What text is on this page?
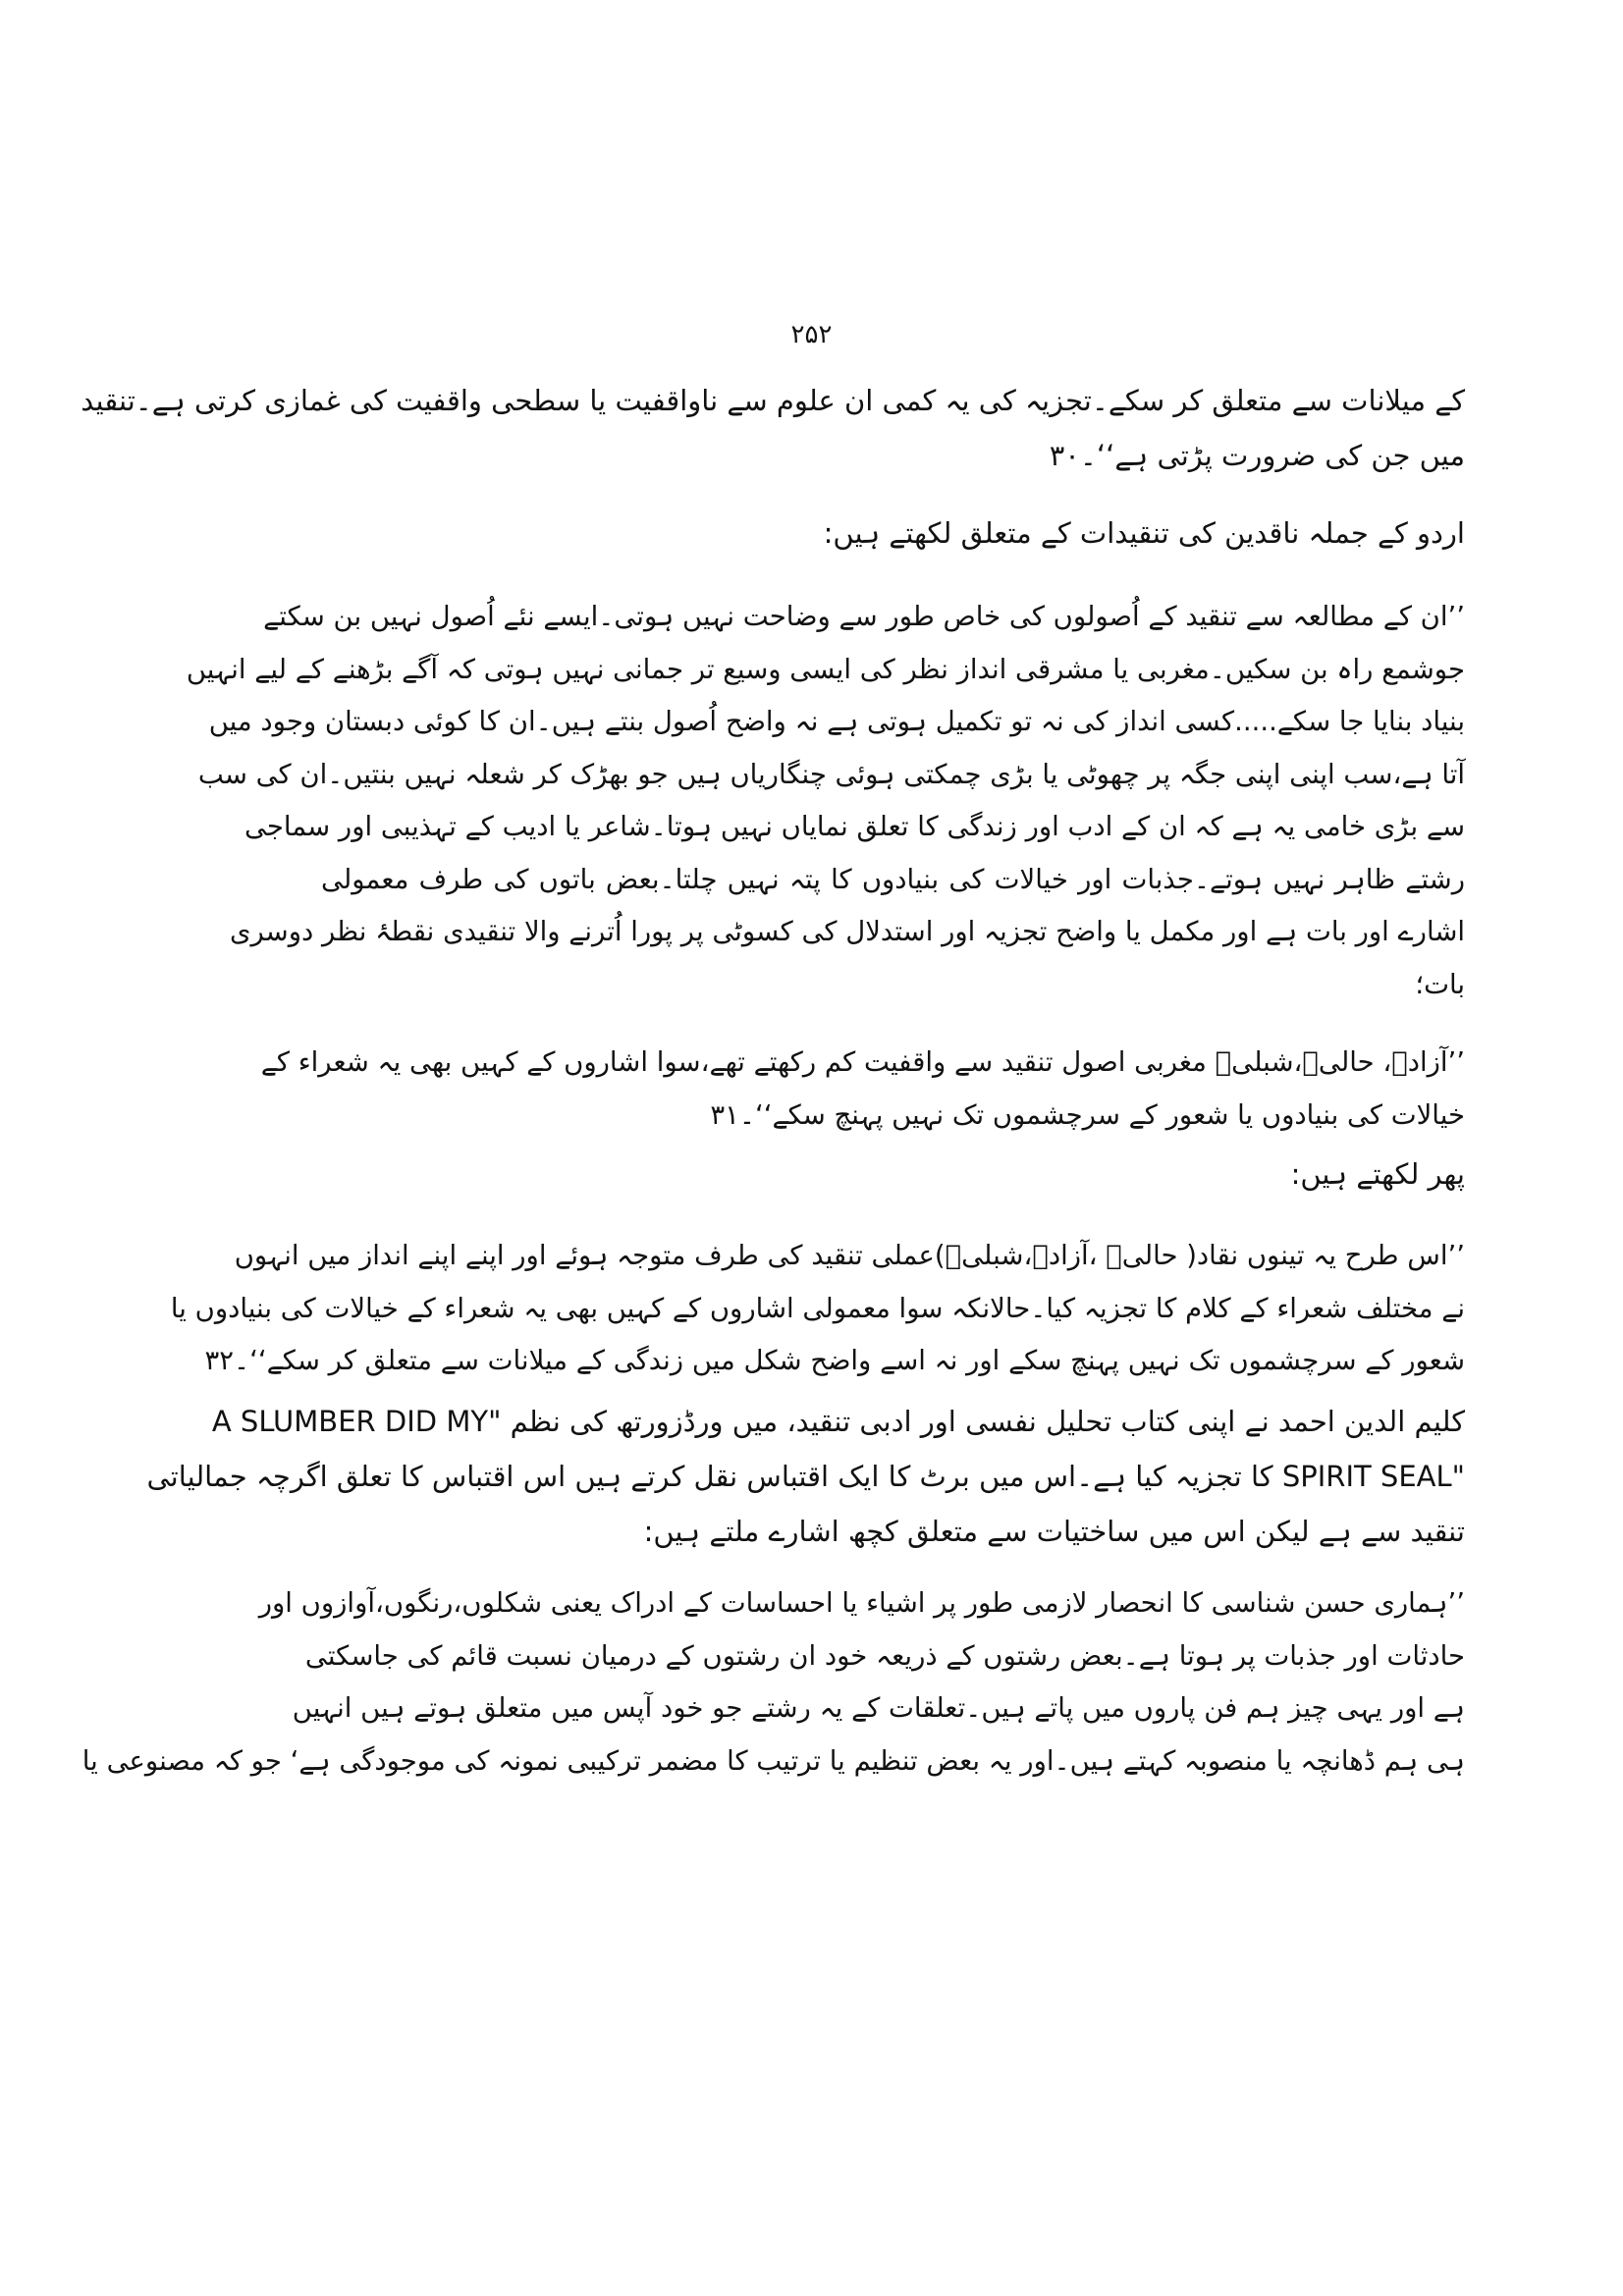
۲۵۲
کے میلانات سے متعلق کر سکے۔تجزیہ کی یہ کمی ان علوم سے ناواقفیت یا سطحی واقفیت کی غمازی کرتی ہے۔تنقید
میں جن کی ضرورت پڑتی ہے‘‘۔۳۰
اردو کے جملہ ناقدین کی تنقیدات کے متعلق لکھتے ہیں:
’’ان کے مطالعہ سے تنقید کے اُصولوں کی خاص طور سے وضاحت نہیں ہوتی۔ایسے نئے اُصول نہیں بن سکتے
جوشمع راہ بن سکیں۔مغربی یا مشرقی انداز نظر کی ایسی وسیع تر جمانی نہیں ہوتی کہ آگے بڑھنے کے لیے انہیں
بنیاد بنایا جا سکے.....کسی انداز کی نہ تو تکمیل ہوتی ہے نہ واضح اُصول بنتے ہیں۔ان کا کوئی دبستان وجود میں
آتا ہے،سب اپنی اپنی جگہ پر چھوٹی یا بڑی چمکتی ہوئی چنگاریاں ہیں جو بھڑک کر شعلہ نہیں بنتیں۔ان کی سب
سے بڑی خامی یہ ہے کہ ان کے ادب اور زندگی کا تعلق نمایاں نہیں ہوتا۔شاعر یا ادیب کے تہذیبی اور سماجی
رشتے ظاہر نہیں ہوتے۔جذبات اور خیالات کی بنیادوں کا پتہ نہیں چلتا۔بعض باتوں کی طرف معمولی
اشارے اور بات ہے اور مکمل یا واضح تجزیہ اور استدلال کی کسوٹی پر پورا اُترنے والا تنقیدی نقطۂ نظر دوسری
بات؛
’’آزادؔ، حالیؔ،شبلیؔ مغربی اصول تنقید سے واقفیت کم رکھتے تھے،سوا اشاروں کے کہیں بھی یہ شعراء کے
خیالات کی بنیادوں یا شعور کے سرچشموں تک نہیں پہنچ سکے‘‘۔۳۱
پھر لکھتے ہیں:
’’اس طرح یہ تینوں نقاد( حالیؔ ،آزادؔ،شبلیؔ)عملی تنقید کی طرف متوجہ ہوئے اور اپنے اپنے انداز میں انہوں
نے مختلف شعراء کے کلام کا تجزیہ کیا۔حالانکہ سوا معمولی اشاروں کے کہیں بھی یہ شعراء کے خیالات کی بنیادوں یا
شعور کے سرچشموں تک نہیں پہنچ سکے اور نہ اسے واضح شکل میں زندگی کے میلانات سے متعلق کر سکے‘‘۔۳۲
کلیم الدین احمد نے اپنی کتاب تحلیل نفسی اور ادبی تنقید، میں ورڈزورتھ کی نظم "A SLUMBER DID MY
"SPIRIT SEAL کا تجزیہ کیا ہے۔اس میں برٹ کا ایک اقتباس نقل کرتے ہیں اس اقتباس کا تعلق اگرچہ جمالیاتی
تنقید سے ہے لیکن اس میں ساختیات سے متعلق کچھ اشارے ملتے ہیں:
’’ہماری حسن شناسی کا انحصار لازمی طور پر اشیاء یا احساسات کے ادراک یعنی شکلوں،رنگوں،آوازوں اور
حادثات اور جذبات پر ہوتا ہے۔بعض رشتوں کے ذریعہ خود ان رشتوں کے درمیان نسبت قائم کی جاسکتی
ہے اور یہی چیز ہم فن پاروں میں پاتے ہیں۔تعلقات کے یہ رشتے جو خود آپس میں متعلق ہوتے ہیں انہیں
ہی ہم ڈھانچہ یا منصوبہ کہتے ہیں۔اور یہ بعض تنظیم یا ترتیب کا مضمر ترکیبی نمونہ کی موجودگی ہے‘ جو کہ مصنوعی یا
